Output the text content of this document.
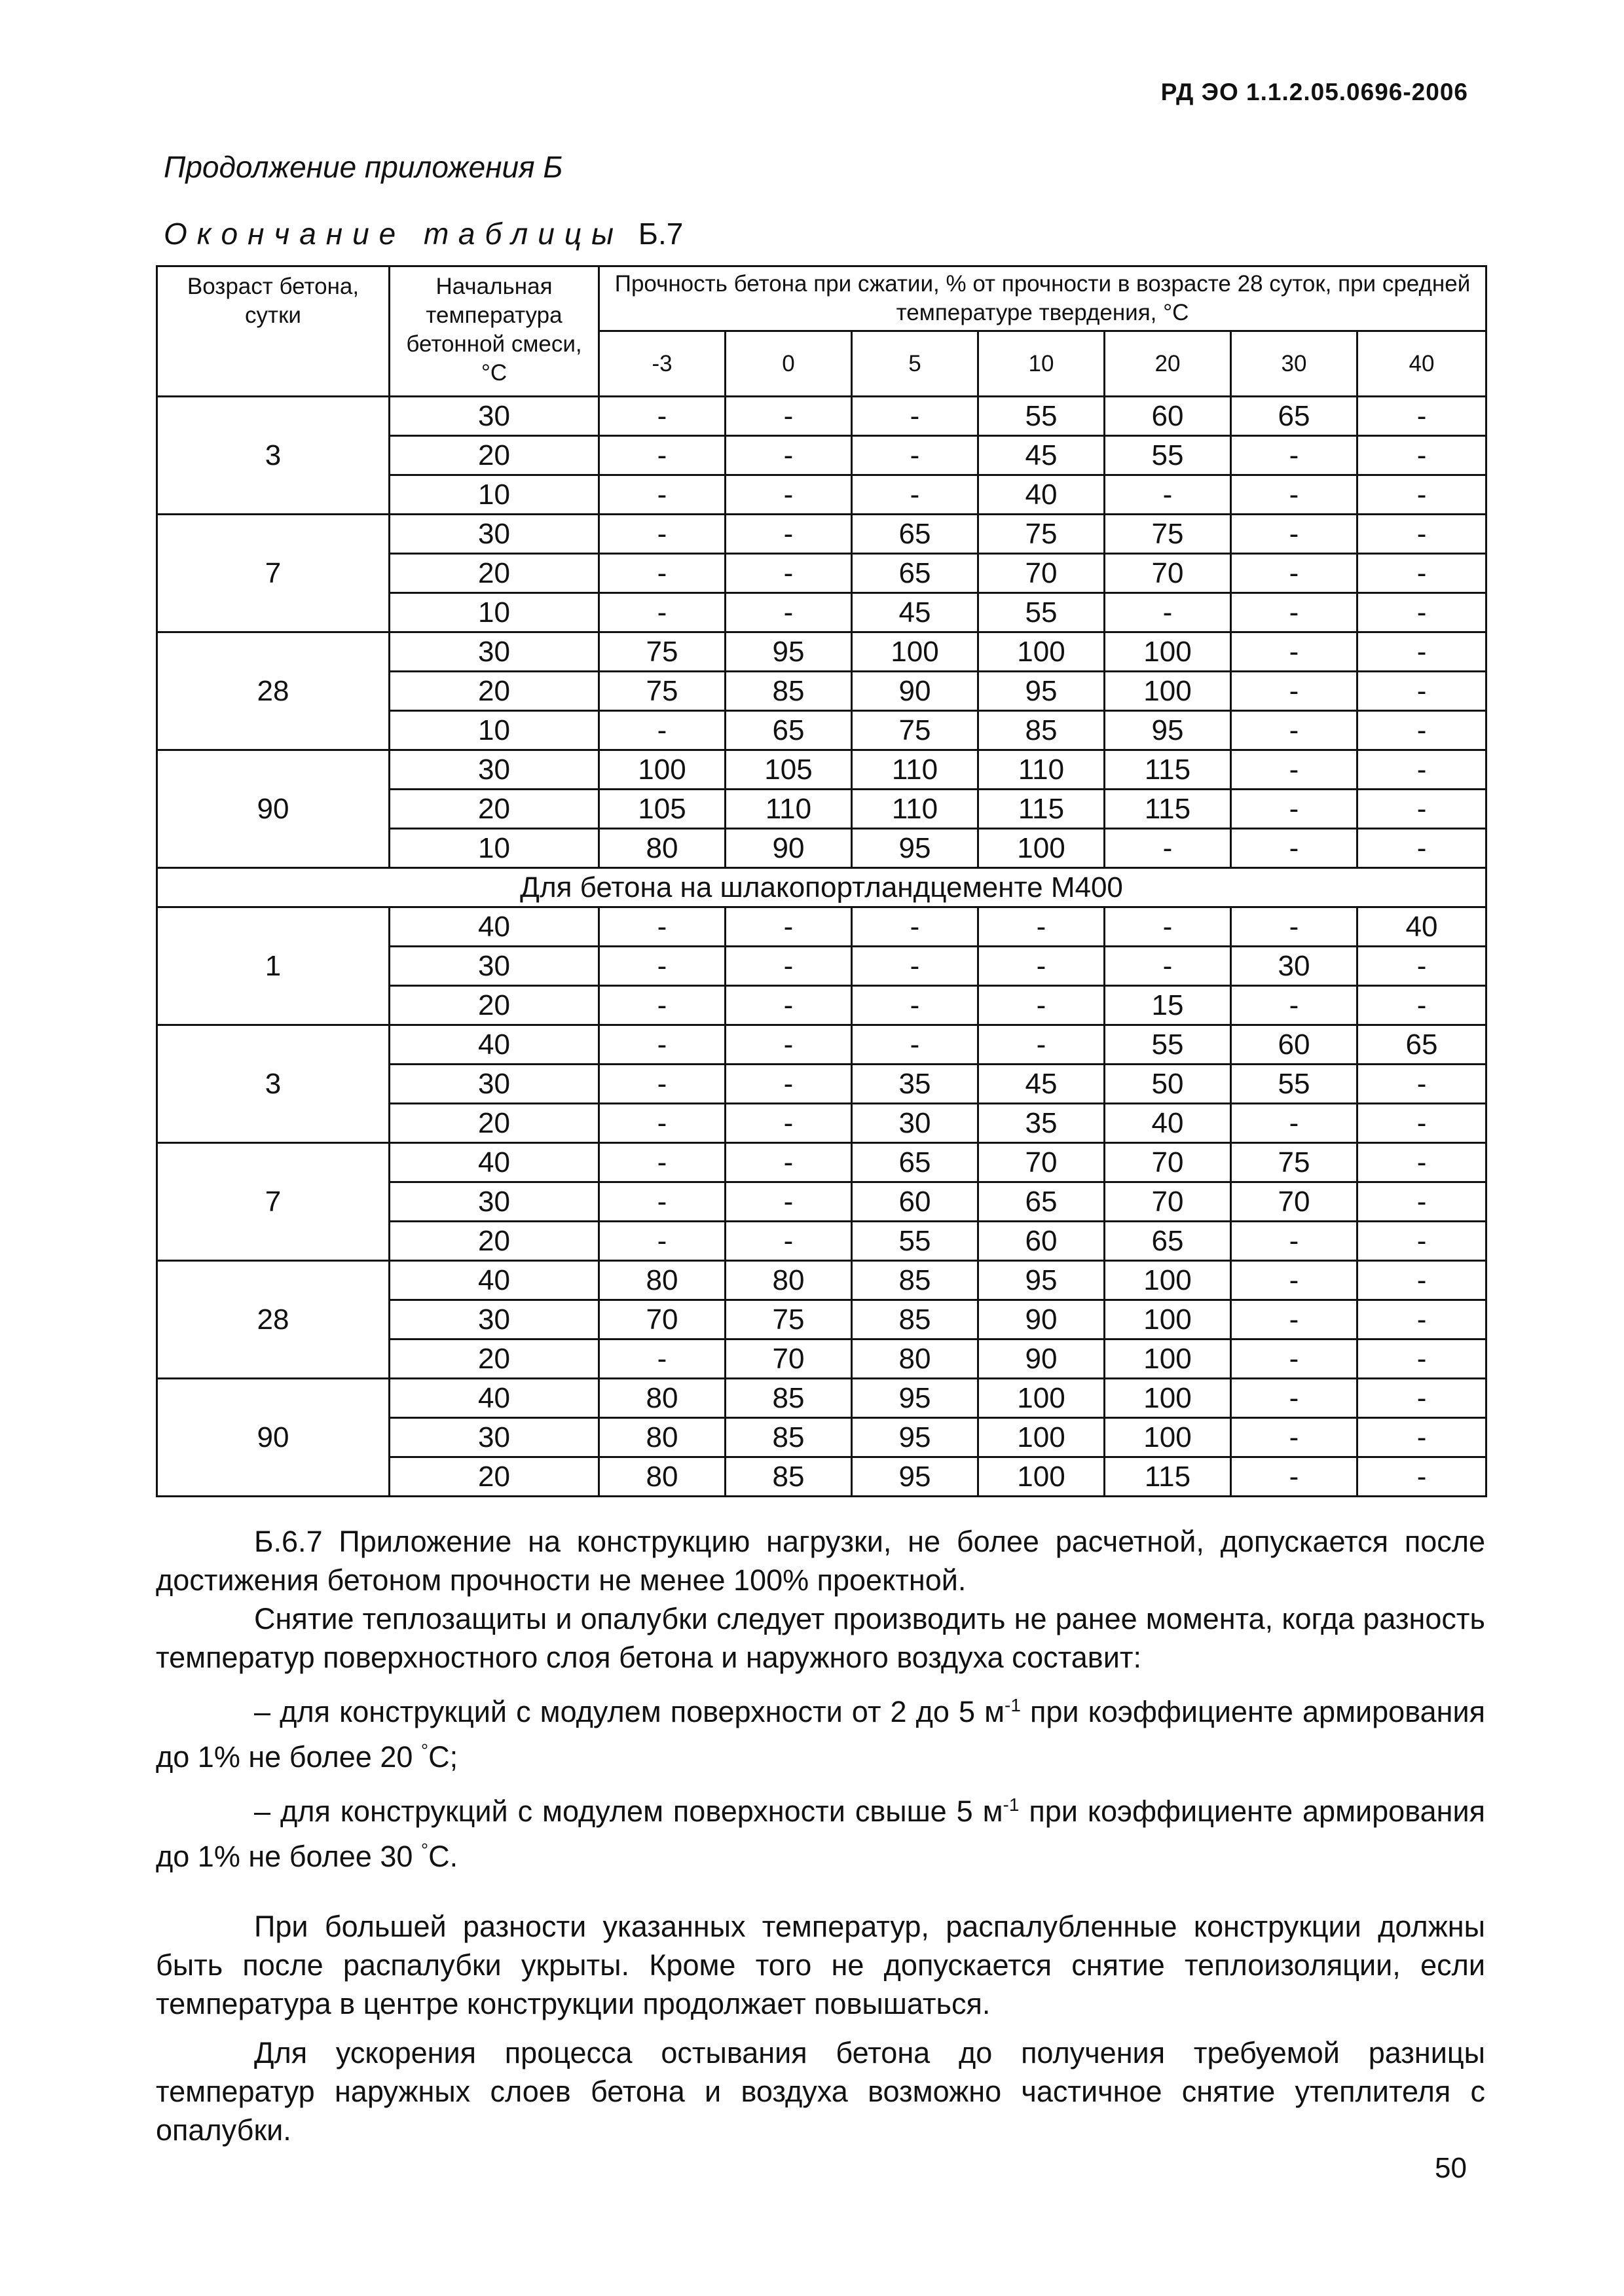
РД ЭО 1.1.2.05.0696-2006
Продолжение приложения Б
Окончание таблицы Б.7
Возраст бетона, сутки	Начальная температура бетонной смеси, °С	Прочность бетона при сжатии, % от прочности в возрасте 28 суток, при средней температуре твердения, °С						
		-3	0	5	10	20	30	40
3	30	-	-	-	55	60	65	-
	20	-	-	-	45	55	-	-
	10	-	-	-	40	-	-	-
7	30	-	-	65	75	75	-	-
	20	-	-	65	70	70	-	-
	10	-	-	45	55	-	-	-
28	30	75	95	100	100	100	-	-
	20	75	85	90	95	100	-	-
	10	-	65	75	85	95	-	-
90	30	100	105	110	110	115	-	-
	20	105	110	110	115	115	-	-
	10	80	90	95	100	-	-	-
Для бетона на шлакопортландцементе М400								
1	40	-	-	-	-	-	-	40
	30	-	-	-	-	-	30	-
	20	-	-	-	-	15	-	-
3	40	-	-	-	-	55	60	65
	30	-	-	35	45	50	55	-
	20	-	-	30	35	40	-	-
7	40	-	-	65	70	70	75	-
	30	-	-	60	65	70	70	-
	20	-	-	55	60	65	-	-
28	40	80	80	85	95	100	-	-
	30	70	75	85	90	100	-	-
	20	-	70	80	90	100	-	-
90	40	80	85	95	100	100	-	-
	30	80	85	95	100	100	-	-
	20	80	85	95	100	115	-	-

Б.6.7 Приложение на конструкцию нагрузки, не более расчетной, допускается после достижения бетоном прочности не менее 100% проектной.

Снятие теплозащиты и опалубки следует производить не ранее момента, когда разность температур поверхностного слоя бетона и наружного воздуха составит:

– для конструкций с модулем поверхности от 2 до 5 $м^{-1}$ при коэффициенте армирования до 1% не более 20 °С;

– для конструкций с модулем поверхности свыше 5 $м^{-1}$ при коэффициенте армирования до 1% не более 30 °С.

При большей разности указанных температур, распалубленные конструкции должны быть после распалубки укрыты. Кроме того не допускается снятие теплоизоляции, если температура в центре конструкции продолжает повышаться.

Для ускорения процесса остывания бетона до получения требуемой разницы температур наружных слоев бетона и воздуха возможно частичное снятие утеплителя с опалубки.

50
